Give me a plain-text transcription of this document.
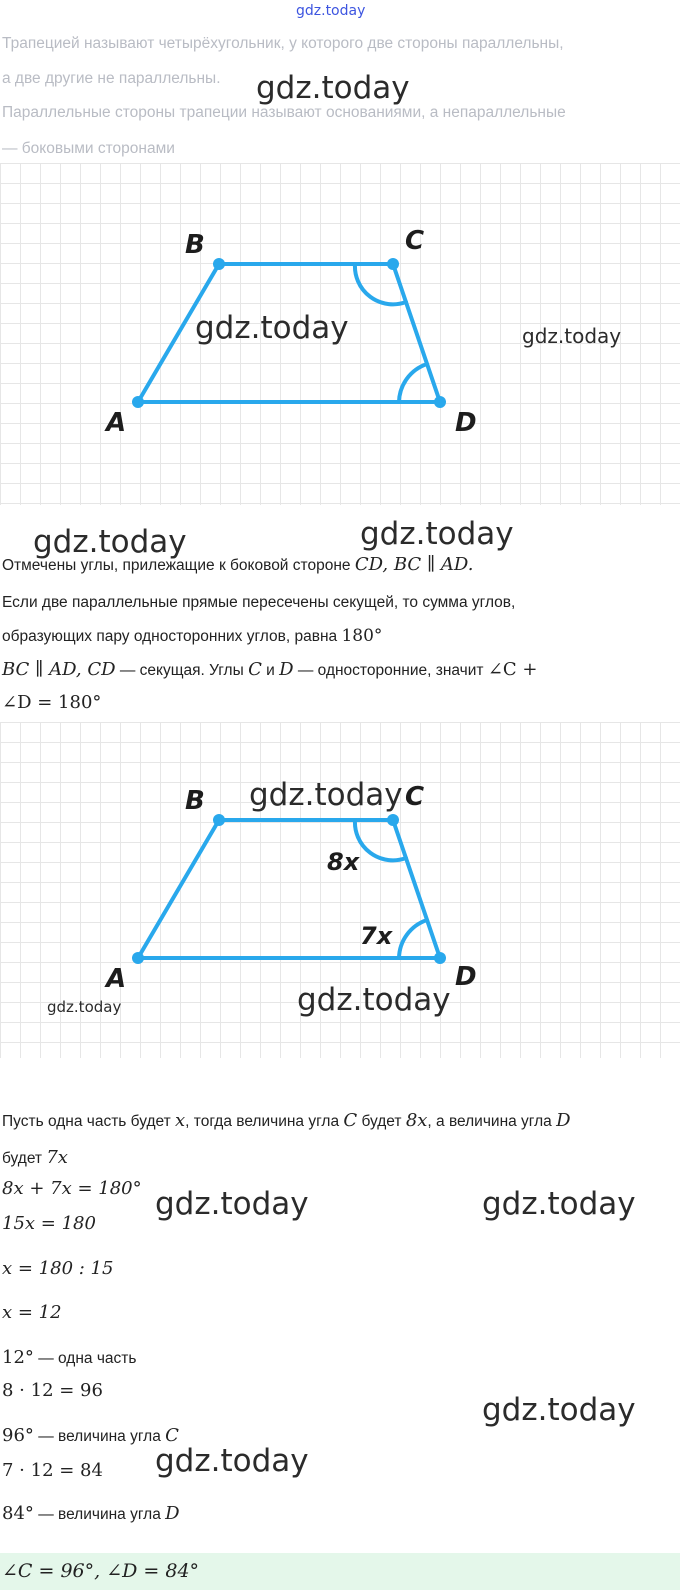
gdz.today
Трапецией называют четырёхугольник, у которого две стороны параллельны,
а две другие не параллельны.
Параллельные стороны трапеции называют основаниями, а непараллельные
— боковыми сторонами
gdz.today
B	C
A	D
gdz.today	gdz.today
gdz.today	gdz.today
Отмечены углы, прилежащие к боковой стороне CD, BC ∥ AD.
Если две параллельные прямые пересечены секущей, то сумма углов,
образующих пару односторонних углов, равна 180°
BC ∥ AD, CD — секущая. Углы C и D — односторонние, значит ∠C +
∠D = 180°
B	C
A	D
8x
7x
gdz.today
gdz.today	gdz.today
Пусть одна часть будет x, тогда величина угла C будет 8x, а величина угла D
будет 7x
8x + 7x = 180°
15x = 180
x = 180 : 15
x = 12
12° — одна часть
8 · 12 = 96
96° — величина угла C
7 · 12 = 84
84° — величина угла D
∠C = 96°, ∠D = 84°
gdz.today	gdz.today
gdz.today
gdz.today
